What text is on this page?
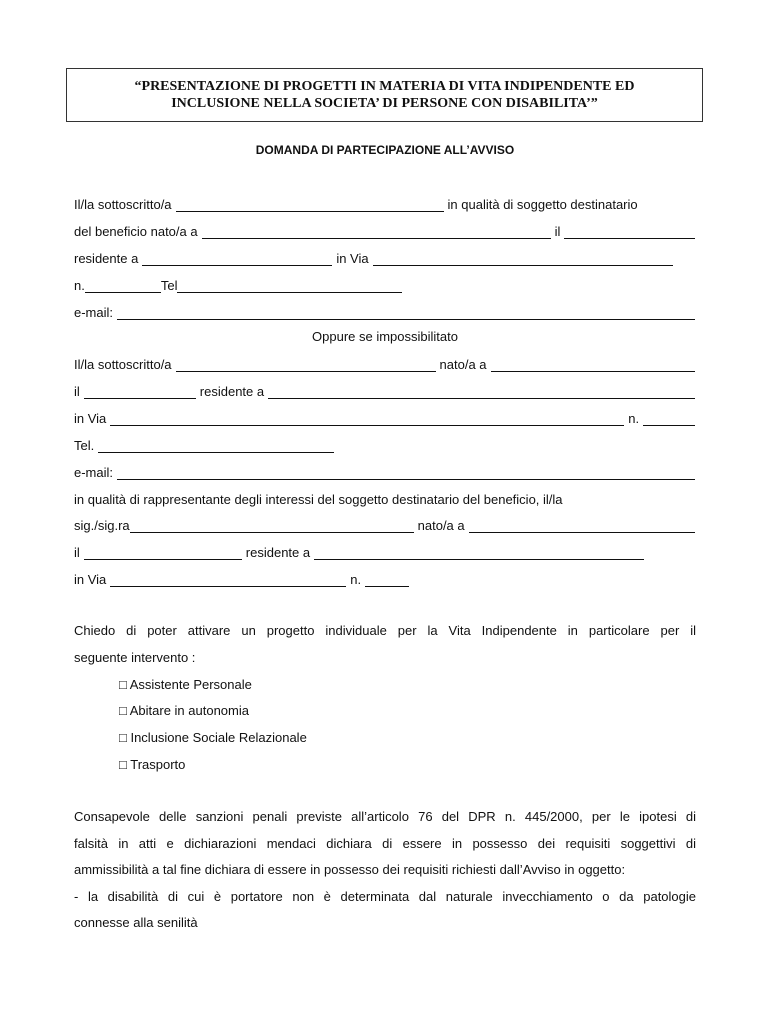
“PRESENTAZIONE DI PROGETTI IN MATERIA DI VITA INDIPENDENTE ED
INCLUSIONE NELLA SOCIETA’ DI PERSONE CON DISABILITA’”
DOMANDA DI PARTECIPAZIONE ALL’AVVISO
Il/la sottoscritto/a	in qualità di soggetto destinatario
del beneficio nato/a a	il
residente a	in Via
n.	Tel
e-mail:
Oppure se impossibilitato
Il/la sottoscritto/a	nato/a a
il	residente a
in Via	n.
Tel.
e-mail:
in qualità di rappresentante degli interessi del soggetto destinatario del beneficio, il/la
sig./sig.ra	nato/a a
il	residente a
in Via	n.
Chiedo di poter attivare un progetto individuale per la Vita Indipendente in particolare per il
seguente intervento :
□ Assistente Personale
□ Abitare in autonomia
□ Inclusione Sociale Relazionale
□ Trasporto
Consapevole delle sanzioni penali previste all’articolo 76 del DPR n. 445/2000, per le ipotesi di
falsità in atti e dichiarazioni mendaci dichiara di essere in possesso dei requisiti soggettivi di
ammissibilità a tal fine dichiara di essere in possesso dei requisiti richiesti dall’Avviso in oggetto:
- la disabilità di cui è portatore non è determinata dal naturale invecchiamento o da patologie
connesse alla senilità
